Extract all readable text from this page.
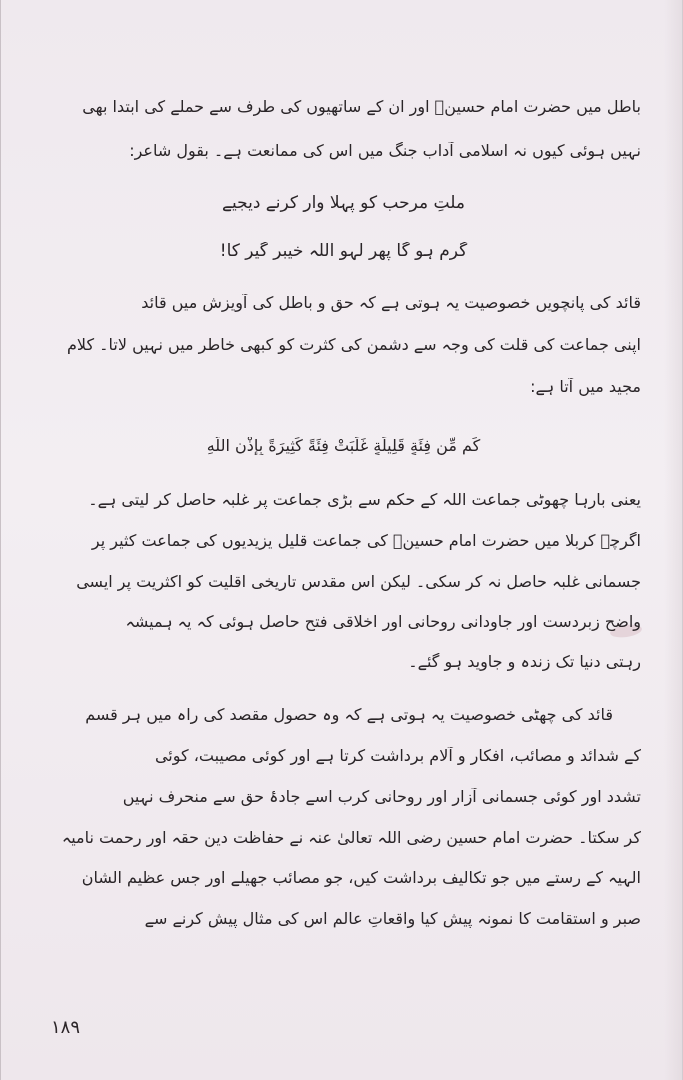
باطل میں حضرت امام حسینؑ اور ان کے ساتھیوں کی طرف سے حملے کی ابتدا بھی
نہیں ہوئی کیوں نہ اسلامی آداب جنگ میں اس کی ممانعت ہے۔ بقول شاعر:
ملتِ مرحب کو پہلا وار کرنے دیجیے
گرم ہو گا پھر لہو اللہ خیبر گیر کا!
قائد کی پانچویں خصوصیت یہ ہوتی ہے کہ حق و باطل کی آویزش میں قائد
اپنی جماعت کی قلت کی وجہ سے دشمن کی کثرت کو کبھی خاطر میں نہیں لاتا۔ کلام
مجید میں آتا ہے:
كَم مِّن فِئَةٍ قَلِيلَةٍ غَلَبَتْ فِئَةً كَثِيرَةً بِإِذْنِ اللَّهِ
یعنی بارہا چھوٹی جماعت اللہ کے حکم سے بڑی جماعت پر غلبہ حاصل کر لیتی ہے۔
اگرچہ کربلا میں حضرت امام حسینؑ کی جماعت قلیل یزیدیوں کی جماعت کثیر پر
جسمانی غلبہ حاصل نہ کر سکی۔ لیکن اس مقدس تاریخی اقلیت کو اکثریت پر ایسی
واضح زبردست اور جاودانی روحانی اور اخلاقی فتح حاصل ہوئی کہ یہ ہمیشہ
رہتی دنیا تک زندہ و جاوید ہو گئے۔
قائد کی چھٹی خصوصیت یہ ہوتی ہے کہ وہ حصول مقصد کی راہ میں ہر قسم
کے شدائد و مصائب، افکار و آلام برداشت کرتا ہے اور کوئی مصیبت، کوئی
تشدد اور کوئی جسمانی آزار اور روحانی کرب اسے جادۂ حق سے منحرف نہیں
کر سکتا۔ حضرت امام حسین رضی اللہ تعالیٰ عنہ نے حفاظت دین حقہ اور رحمت نامیہ
الہیہ کے رستے میں جو تکالیف برداشت کیں، جو مصائب جھیلے اور جس عظیم الشان
صبر و استقامت کا نمونہ پیش کیا واقعاتِ عالم اس کی مثال پیش کرنے سے
۱۸۹
